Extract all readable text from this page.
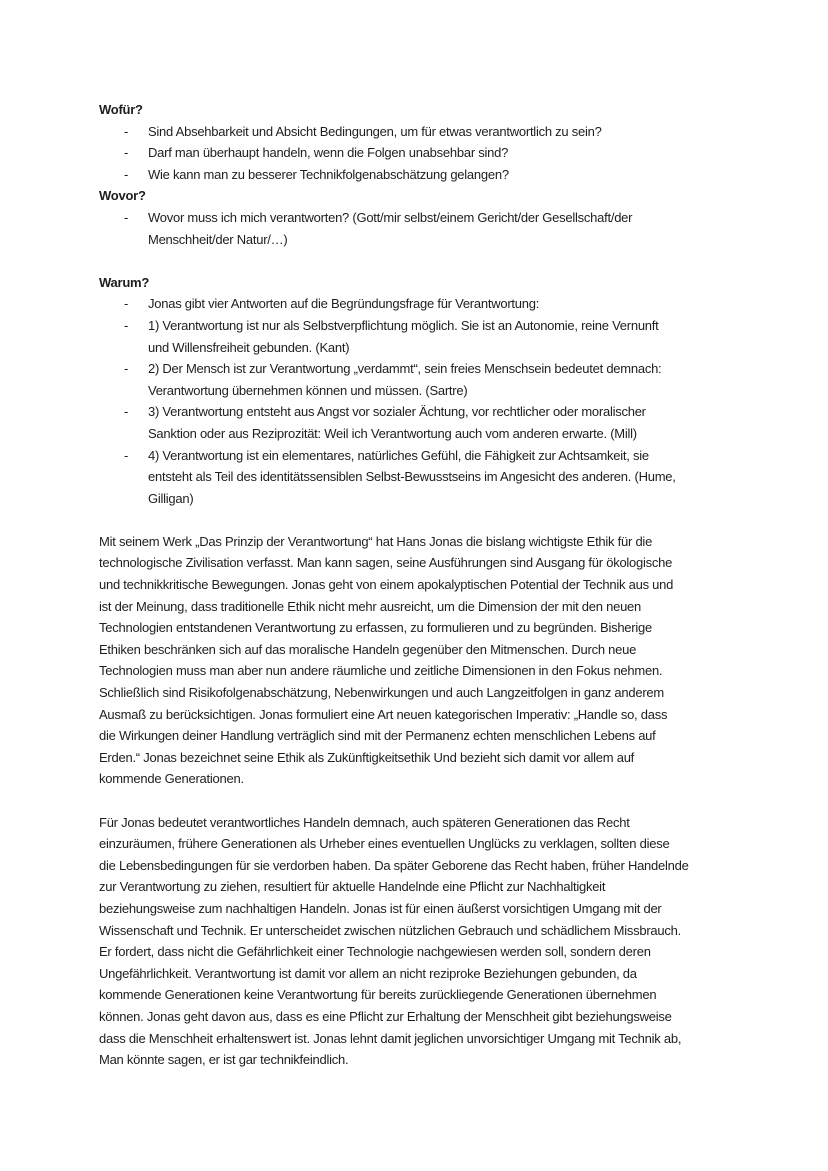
Wofür?
- Sind Absehbarkeit und Absicht Bedingungen, um für etwas verantwortlich zu sein?
- Darf man überhaupt handeln, wenn die Folgen unabsehbar sind?
- Wie kann man zu besserer Technikfolgenabschätzung gelangen?
Wovor?
- Wovor muss ich mich verantworten? (Gott/mir selbst/einem Gericht/der Gesellschaft/der
Menschheit/der Natur/…)
Warum?
- Jonas gibt vier Antworten auf die Begründungsfrage für Verantwortung:
- 1) Verantwortung ist nur als Selbstverpflichtung möglich. Sie ist an Autonomie, reine Vernunft
und Willensfreiheit gebunden. (Kant)
- 2) Der Mensch ist zur Verantwortung „verdammt“, sein freies Menschsein bedeutet demnach:
Verantwortung übernehmen können und müssen. (Sartre)
- 3) Verantwortung entsteht aus Angst vor sozialer Ächtung, vor rechtlicher oder moralischer
Sanktion oder aus Reziprozität: Weil ich Verantwortung auch vom anderen erwarte. (Mill)
- 4) Verantwortung ist ein elementares, natürliches Gefühl, die Fähigkeit zur Achtsamkeit, sie
entsteht als Teil des identitätssensiblen Selbst-Bewusstseins im Angesicht des anderen. (Hume,
Gilligan)
Mit seinem Werk „Das Prinzip der Verantwortung“ hat Hans Jonas die bislang wichtigste Ethik für die
technologische Zivilisation verfasst. Man kann sagen, seine Ausführungen sind Ausgang für ökologische
und technikkritische Bewegungen. Jonas geht von einem apokalyptischen Potential der Technik aus und
ist der Meinung, dass traditionelle Ethik nicht mehr ausreicht, um die Dimension der mit den neuen
Technologien entstandenen Verantwortung zu erfassen, zu formulieren und zu begründen. Bisherige
Ethiken beschränken sich auf das moralische Handeln gegenüber den Mitmenschen. Durch neue
Technologien muss man aber nun andere räumliche und zeitliche Dimensionen in den Fokus nehmen.
Schließlich sind Risikofolgenabschätzung, Nebenwirkungen und auch Langzeitfolgen in ganz anderem
Ausmaß zu berücksichtigen. Jonas formuliert eine Art neuen kategorischen Imperativ: „Handle so, dass
die Wirkungen deiner Handlung verträglich sind mit der Permanenz echten menschlichen Lebens auf
Erden.“ Jonas bezeichnet seine Ethik als Zukünftigkeitsethik Und bezieht sich damit vor allem auf
kommende Generationen.
Für Jonas bedeutet verantwortliches Handeln demnach, auch späteren Generationen das Recht
einzuräumen, frühere Generationen als Urheber eines eventuellen Unglücks zu verklagen, sollten diese
die Lebensbedingungen für sie verdorben haben. Da später Geborene das Recht haben, früher Handelnde
zur Verantwortung zu ziehen, resultiert für aktuelle Handelnde eine Pflicht zur Nachhaltigkeit
beziehungsweise zum nachhaltigen Handeln. Jonas ist für einen äußerst vorsichtigen Umgang mit der
Wissenschaft und Technik. Er unterscheidet zwischen nützlichen Gebrauch und schädlichem Missbrauch.
Er fordert, dass nicht die Gefährlichkeit einer Technologie nachgewiesen werden soll, sondern deren
Ungefährlichkeit. Verantwortung ist damit vor allem an nicht reziproke Beziehungen gebunden, da
kommende Generationen keine Verantwortung für bereits zurückliegende Generationen übernehmen
können. Jonas geht davon aus, dass es eine Pflicht zur Erhaltung der Menschheit gibt beziehungsweise
dass die Menschheit erhaltenswert ist. Jonas lehnt damit jeglichen unvorsichtiger Umgang mit Technik ab,
Man könnte sagen, er ist gar technikfeindlich.
